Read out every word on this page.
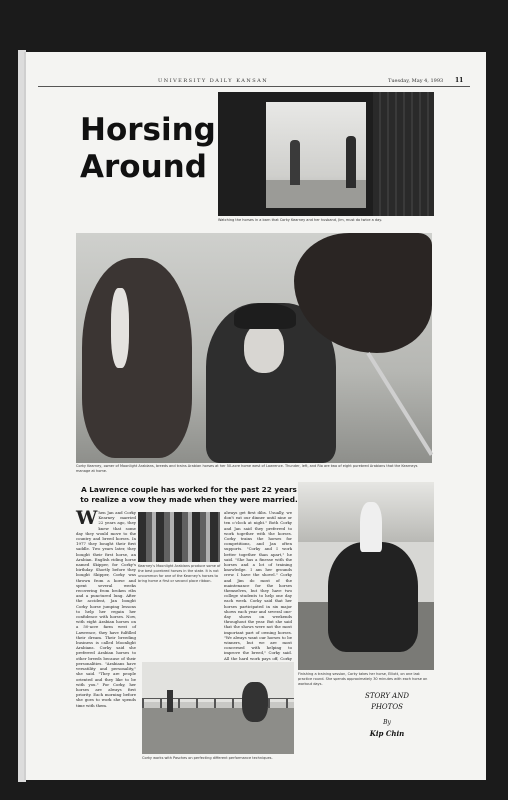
UNIVERSITY DAILY KANSAN	Tuesday, May 4, 1993 11
Horsing
Around
Watching the horses in a barn that Corky Kearney and her husband, Jim, must do twice a day.
Corky Kearney, owner of Moonlight Arabians, breeds and trains Arabian horses at her 50-acre home west of Lawrence. Thunder, left, and Rio are two of eight purebred Arabians that the Kearneys manage at home.
A Lawrence couple has worked for the past 22 years to realize a vow they made when they were married.
When Jan and Corky Kearney married 22 years ago, they knew that some day they would move to the country and breed horses. In 1977 they bought their first saddle. Two years later, they bought their first horse, an Arabian. English riding horse named Skipper, for Corky's birthday. Shortly before they bought Skipper, Corky was thrown from a horse and spent several weeks recovering from broken ribs and a punctured lung. After the accident, Jan bought Corky horse jumping lessons to help her regain her confidence with horses. Now, with eight Arabian horses on a 50-acre farm west of Lawrence, they have fulfilled their dream. Their breeding business is called Moonlight Arabians. Corky said she preferred Arabian horses to other breeds because of their personalities. "Arabians have versatility and personality," she said. "They are people oriented and they like to be with you." For Corky, her horses are always first priority. Each morning before she goes to work she spends time with them.
Kearney's Moonlight Arabians produce some of the best purebred horses in the state. It is not uncommon for one of the Kearney's horses to bring home a first or second place ribbon.
always get first dibs. Usually, we don't eat our dinner until nine or ten o'clock at night." Both Corky and Jan said they preferred to work together with the horses. Corky trains the horses for competitions, and Jan often supports. "Corky and I work better together than apart," he said. "She has a finesse with the horses and a lot of training knowledge. I am her grounds crew. I have the shovel." Corky and Jim do most of the maintenance for the horses themselves, but they have two college students to help one day each week. Corky said that her horses participated in six major shows each year and several one-day shows on weekends throughout the year. But she said that the shows were not the most important part of owning horses. "We always want our horses to be winners, but we are most concerned with helping to improve the breed," Corky said. All the hard work pays off, Corky
Finishing a training session, Corky takes her horse, Elliott, on one last practice round. She spends approximately 30 minutes with each horse on workout days.
Corky works with Pasches on perfecting different performance techniques.
STORY AND PHOTOS
By
Kip Chin
